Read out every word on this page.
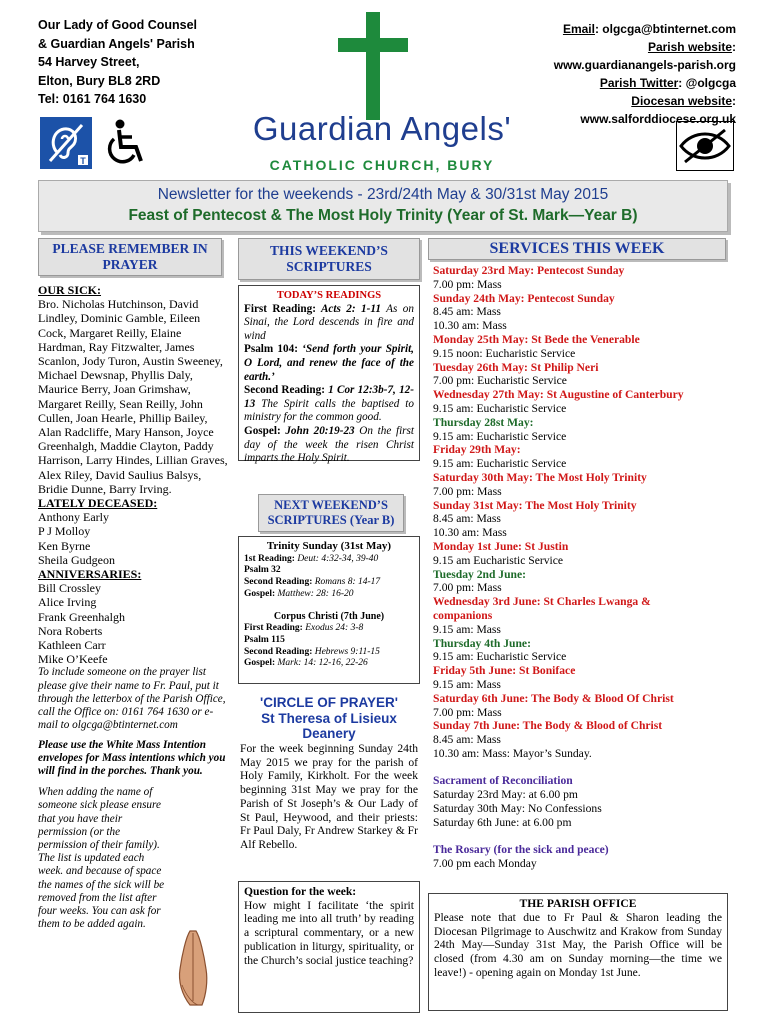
Our Lady of Good Counsel
& Guardian Angels' Parish
54 Harvey Street,
Elton, Bury BL8 2RD
Tel: 0161 764 1630
Email: olgcga@btinternet.com
Parish website:
www.guardianangels-parish.org
Parish Twitter: @olgcga
Diocesan website:
www.salforddiocese.org.uk
Guardian Angels'
CATHOLIC CHURCH, BURY
T
Newsletter for the weekends - 23rd/24th May & 30/31st May 2015
Feast of Pentecost & The Most Holy Trinity (Year of St. Mark—Year B)
PLEASE REMEMBER IN PRAYER
OUR SICK:
Bro. Nicholas Hutchinson, David Lindley, Dominic Gamble, Eileen Cock, Margaret Reilly, Elaine Hardman, Ray Fitzwalter, James Scanlon, Jody Turon, Austin Sweeney, Michael Dewsnap, Phyllis Daly, Maurice Berry, Joan Grimshaw, Margaret Reilly, Sean Reilly, John Cullen, Joan Hearle, Phillip Bailey, Alan Radcliffe, Mary Hanson, Joyce Greenhalgh, Maddie Clayton, Paddy Harrison, Larry Hindes, Lillian Graves, Alex Riley, David Saulius Balsys, Bridie Dunne, Barry Irving.
LATELY DECEASED:
Anthony Early
P J Molloy
Ken Byrne
Sheila Gudgeon
ANNIVERSARIES:
Bill Crossley
Alice Irving
Frank Greenhalgh
Nora Roberts
Kathleen Carr
Mike O’Keefe
To include someone on the prayer list please give their name to Fr. Paul, put it through the letterbox of the Parish Office, call the Office on: 0161 764 1630 or e-mail to olgcga@btinternet.com
Please use the White Mass Intention envelopes for Mass intentions which you will find in the porches. Thank you.
When adding the name of someone sick please ensure that you have their permission (or the permission of their family). The list is updated each week. and because of space the names of the sick will be removed from the list after four weeks. You can ask for them to be added again.
THIS WEEKEND’S SCRIPTURES
TODAY’S READINGS
First Reading: Acts 2: 1-11 As on Sinai, the Lord descends in fire and wind
Psalm 104: ‘Send forth your Spirit, O Lord, and renew the face of the earth.’
Second Reading: 1 Cor 12:3b-7, 12-13 The Spirit calls the baptised to ministry for the common good.
Gospel: John 20:19-23 On the first day of the week the risen Christ imparts the Holy Spirit.
NEXT WEEKEND’S SCRIPTURES (Year B)
Trinity Sunday (31st May)
1st Reading: Deut: 4:32-34, 39-40
Psalm 32
Second Reading: Romans 8: 14-17
Gospel: Matthew: 28: 16-20
Corpus Christi (7th June)
First Reading: Exodus 24: 3-8
Psalm 115
Second Reading: Hebrews 9:11-15
Gospel: Mark: 14: 12-16, 22-26
'CIRCLE OF PRAYER'
St Theresa of Lisieux Deanery
For the week beginning Sunday 24th May 2015 we pray for the parish of Holy Family, Kirkholt. For the week beginning 31st May we pray for the Parish of St Joseph’s & Our Lady of St Paul, Heywood, and their priests: Fr Paul Daly, Fr Andrew Starkey & Fr Alf Rebello.
Question for the week:
How might I facilitate ‘the spirit leading me into all truth’ by reading a scriptural commentary, or a new publication in liturgy, spirituality, or the Church’s social justice teaching?
SERVICES THIS WEEK
Saturday 23rd May: Pentecost Sunday
7.00 pm: Mass
Sunday 24th May: Pentecost Sunday
8.45 am: Mass
10.30 am: Mass
Monday 25th May: St Bede the Venerable
9.15 noon: Eucharistic Service
Tuesday 26th May: St Philip Neri
7.00 pm: Eucharistic Service
Wednesday 27th May: St Augustine of Canterbury
9.15 am: Eucharistic Service
Thursday 28st May:
9.15 am: Eucharistic Service
Friday 29th May:
9.15 am: Eucharistic Service
Saturday 30th May: The Most Holy Trinity
7.00 pm: Mass
Sunday 31st May: The Most Holy Trinity
8.45 am: Mass
10.30 am: Mass
Monday 1st June: St Justin
9.15 am Eucharistic Service
Tuesday 2nd June:
7.00 pm: Mass
Wednesday 3rd June: St Charles Lwanga &
companions
9.15 am: Mass
Thursday 4th June:
9.15 am: Eucharistic Service
Friday 5th June: St Boniface
9.15 am: Mass
Saturday 6th June: The Body & Blood Of Christ
7.00 pm: Mass
Sunday 7th June: The Body & Blood of Christ
8.45 am: Mass
10.30 am: Mass: Mayor’s Sunday.
Sacrament of Reconciliation
Saturday 23rd May: at 6.00 pm
Saturday 30th May: No Confessions
Saturday 6th June: at 6.00 pm
The Rosary (for the sick and peace)
7.00 pm each Monday
THE PARISH OFFICE
Please note that due to Fr Paul & Sharon leading the Diocesan Pilgrimage to Auschwitz and Krakow from Sunday 24th May—Sunday 31st May, the Parish Office will be closed (from 4.30 am on Sunday morning—the time we leave!) - opening again on Monday 1st June.
